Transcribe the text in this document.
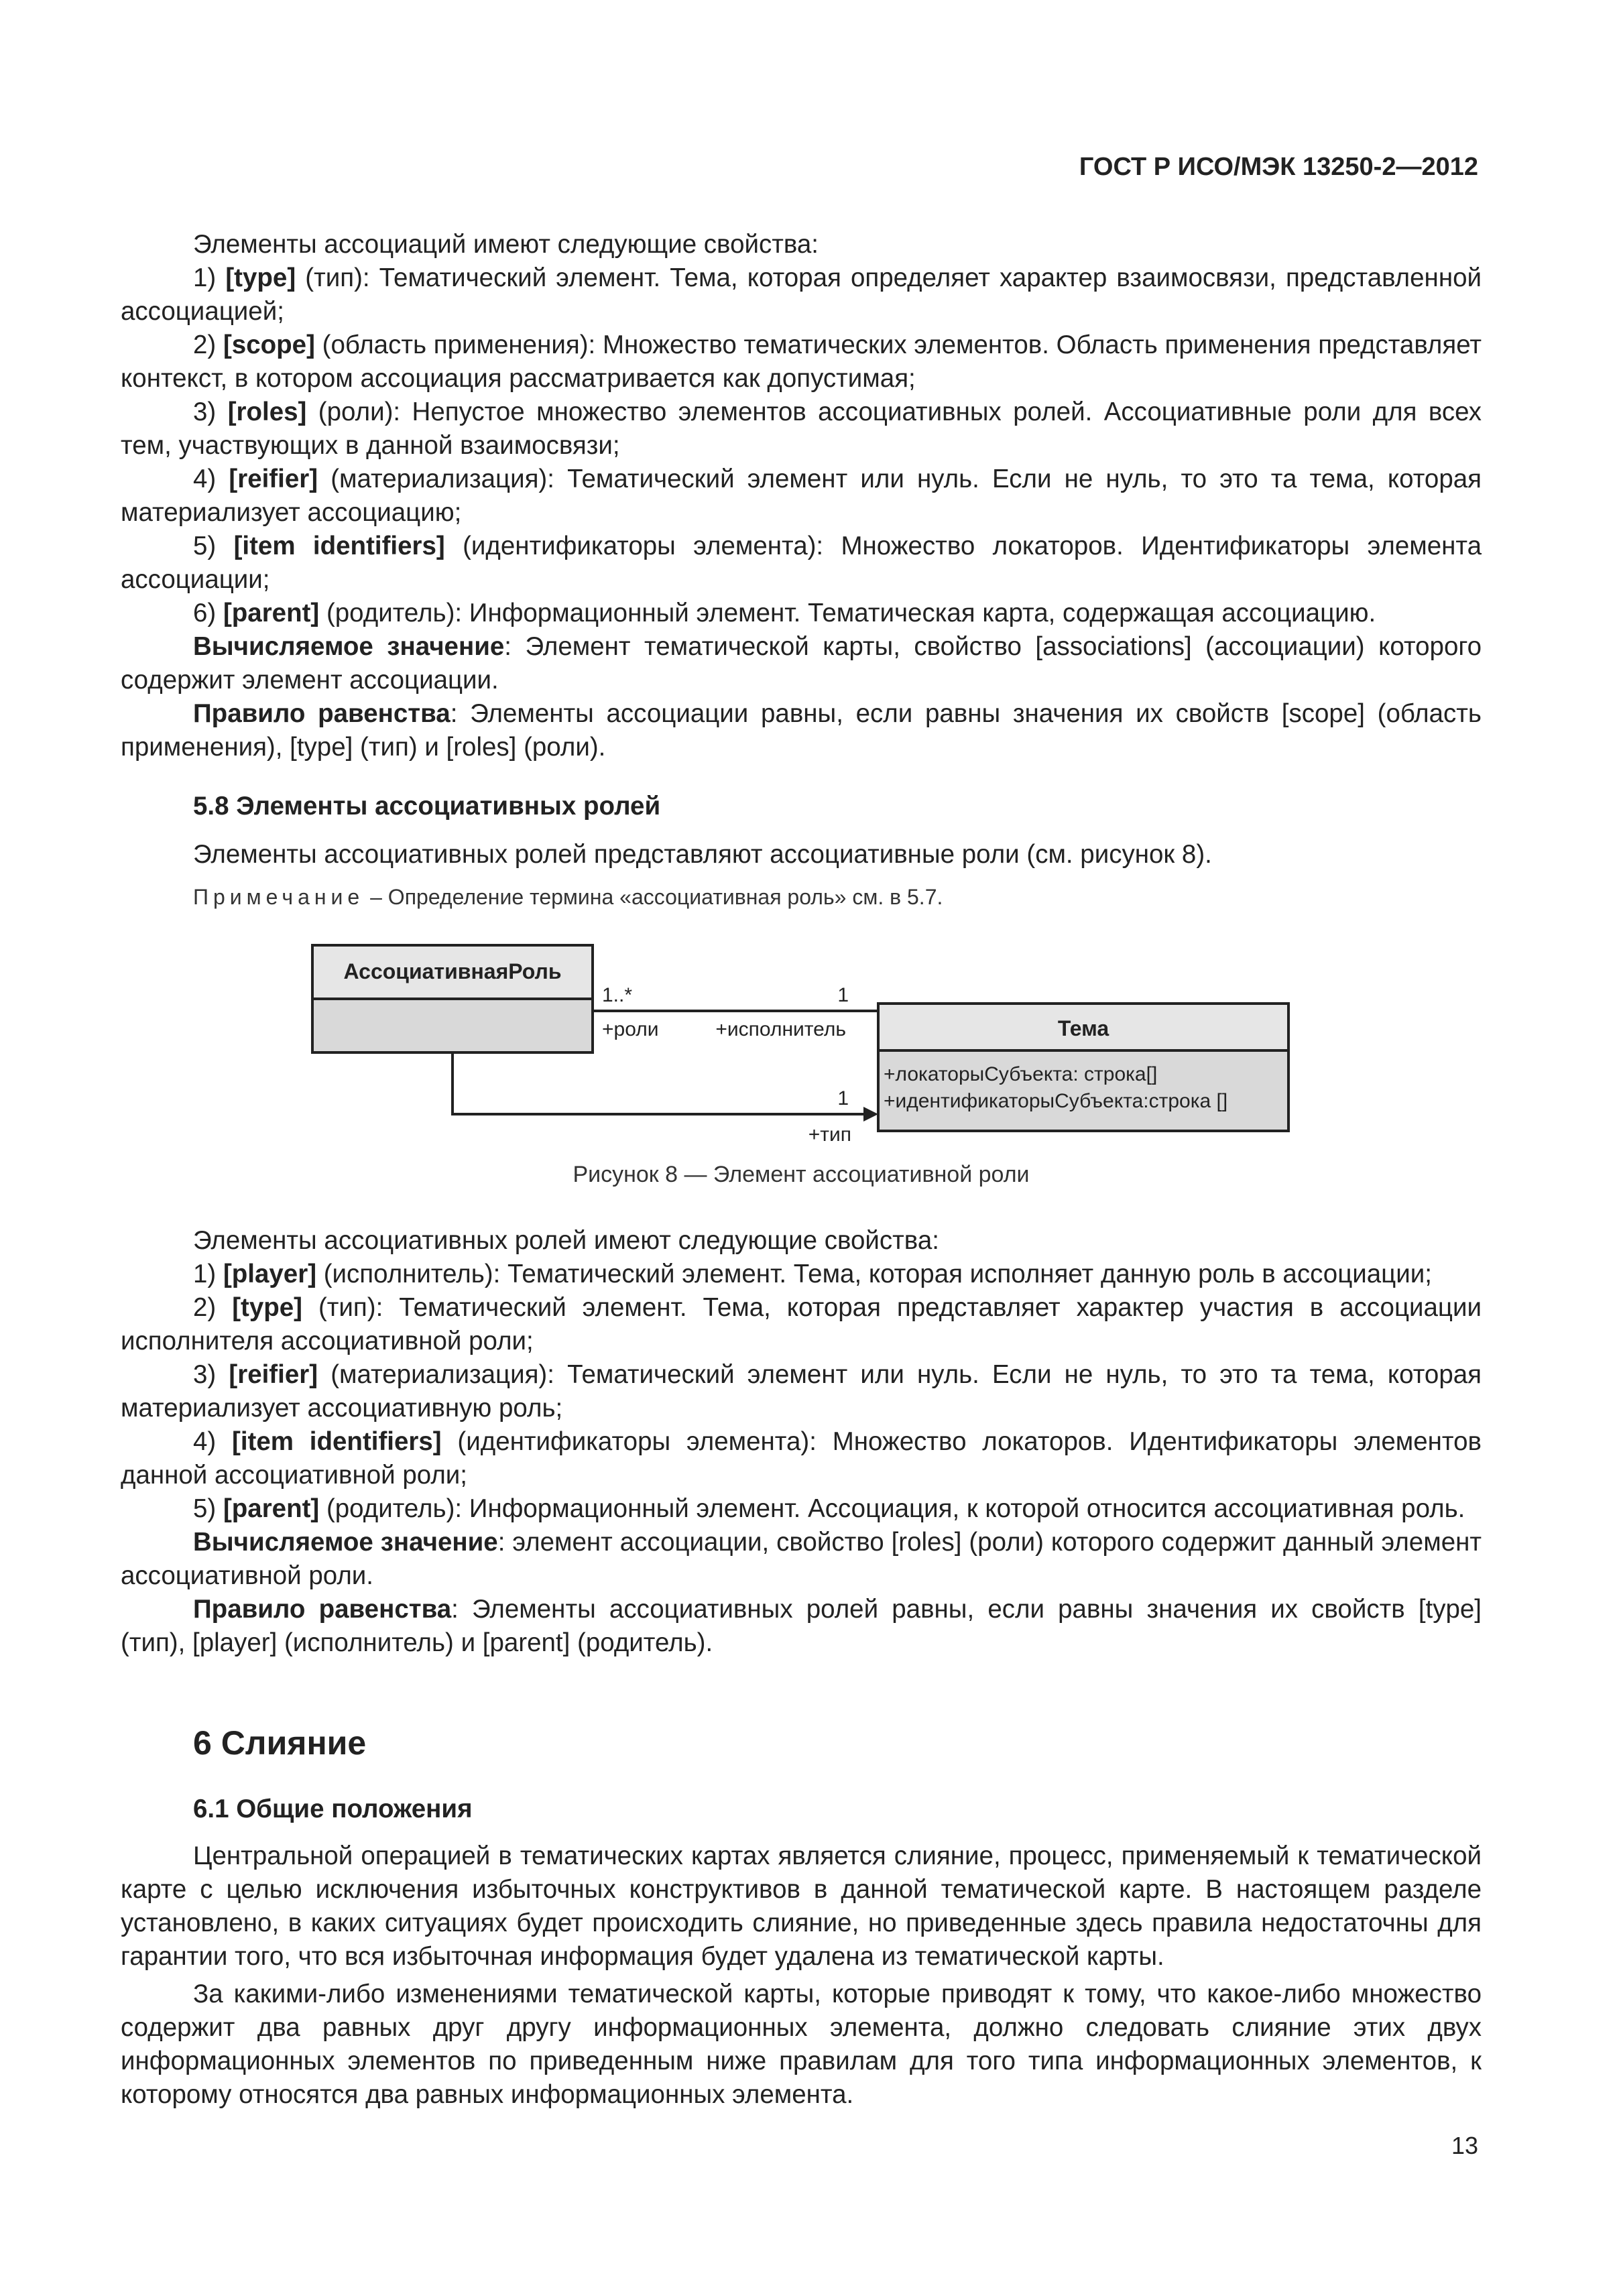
ГОСТ Р ИСО/МЭК 13250-2—2012

Элементы ассоциаций имеют следующие свойства:

1) [type] (тип): Тематический элемент. Тема, которая определяет характер взаимосвязи, представленной ассоциацией;

2) [scope] (область применения): Множество тематических элементов. Область применения представляет контекст, в котором ассоциация рассматривается как допустимая;

3) [roles] (роли): Непустое множество элементов ассоциативных ролей. Ассоциативные роли для всех тем, участвующих в данной взаимосвязи;

4) [reifier] (материализация): Тематический элемент или нуль. Если не нуль, то это та тема, которая материализует ассоциацию;

5) [item identifiers] (идентификаторы элемента): Множество локаторов. Идентификаторы элемента ассоциации;

6) [parent] (родитель): Информационный элемент. Тематическая карта, содержащая ассоциацию.

Вычисляемое значение: Элемент тематической карты, свойство [associations] (ассоциации) которого содержит элемент ассоциации.

Правило равенства: Элементы ассоциации равны, если равны значения их свойств [scope] (область применения), [type] (тип) и [roles] (роли).

5.8 Элементы ассоциативных ролей

Элементы ассоциативных ролей представляют ассоциативные роли (см. рисунок 8).

Примечание – Определение термина «ассоциативная роль» см. в 5.7.

АссоциативнаяРоль
Тема
+локаторыСубъекта: строка[]
+идентификаторыСубъекта:строка []
1..*	1
+роли	+исполнитель
1
+тип
Рисунок 8 — Элемент ассоциативной роли

Элементы ассоциативных ролей имеют следующие свойства:

1) [player] (исполнитель): Тематический элемент. Тема, которая исполняет данную роль в ассоциации;

2) [type] (тип): Тематический элемент. Тема, которая представляет характер участия в ассоциации исполнителя ассоциативной роли;

3) [reifier] (материализация): Тематический элемент или нуль. Если не нуль, то это та тема, которая материализует ассоциативную роль;

4) [item identifiers] (идентификаторы элемента): Множество локаторов. Идентификаторы элементов данной ассоциативной роли;

5) [parent] (родитель): Информационный элемент. Ассоциация, к которой относится ассоциативная роль.

Вычисляемое значение: элемент ассоциации, свойство [roles] (роли) которого содержит данный элемент ассоциативной роли.

Правило равенства: Элементы ассоциативных ролей равны, если равны значения их свойств [type] (тип), [player] (исполнитель) и [parent] (родитель).

6 Слияние

6.1 Общие положения

Центральной операцией в тематических картах является слияние, процесс, применяемый к тематической карте с целью исключения избыточных конструктивов в данной тематической карте. В настоящем разделе установлено, в каких ситуациях будет происходить слияние, но приведенные здесь правила недостаточны для гарантии того, что вся избыточная информация будет удалена из тематической карты.

За какими-либо изменениями тематической карты, которые приводят к тому, что какое-либо множество содержит два равных друг другу информационных элемента, должно следовать слияние этих двух информационных элементов по приведенным ниже правилам для того типа информационных элементов, к которому относятся два равных информационных элемента.

13
